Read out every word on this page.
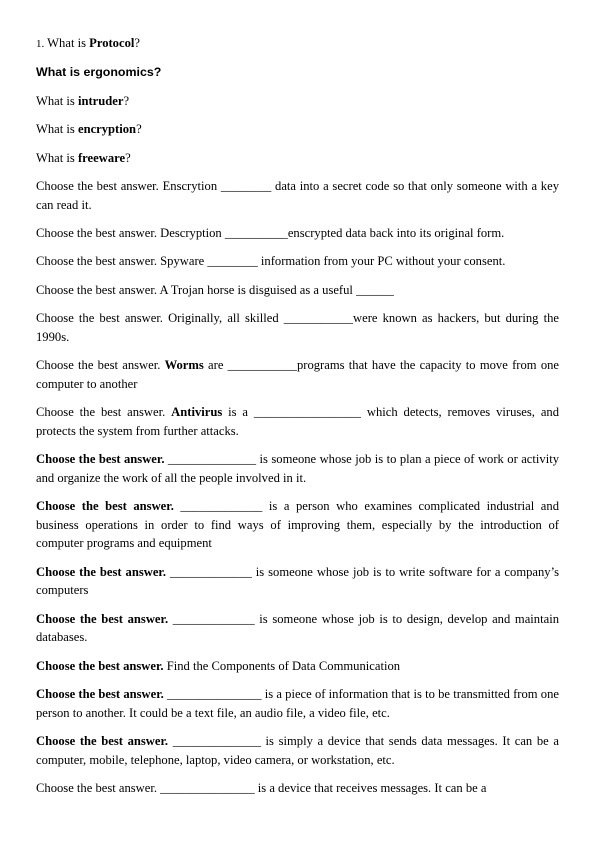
1. What is Protocol?

What is ergonomics?

What is intruder?

What is encryption?

What is freeware?

Choose the best answer. Enscrytion ________ data into a secret code so that only someone with a key can read it.

Choose the best answer. Descryption __________enscrypted data back into its original form.

Choose the best answer. Spyware ________ information from your PC without your consent.

Choose the best answer. A Trojan horse is disguised as a useful ______

Choose the best answer. Originally, all skilled ___________were known as hackers, but during the 1990s.

Choose the best answer. Worms are ___________programs that have the capacity to move from one computer to another

Choose the best answer. Antivirus is a _________________ which detects, removes viruses, and protects the system from further attacks.

Choose the best answer. ______________ is someone whose job is to plan a piece of work or activity and organize the work of all the people involved in it.

Choose the best answer. _____________ is a person who examines complicated industrial and business operations in order to find ways of improving them, especially by the introduction of computer programs and equipment

Choose the best answer. _____________ is someone whose job is to write software for a company’s computers

Choose the best answer. _____________ is someone whose job is to design, develop and maintain databases.

Choose the best answer. Find the Components of Data Communication

Choose the best answer. _______________ is a piece of information that is to be transmitted from one person to another. It could be a text file, an audio file, a video file, etc.

Choose the best answer. ______________ is simply a device that sends data messages. It can be a computer, mobile, telephone, laptop, video camera, or workstation, etc.

Choose the best answer. _______________ is a device that receives messages. It can be a
